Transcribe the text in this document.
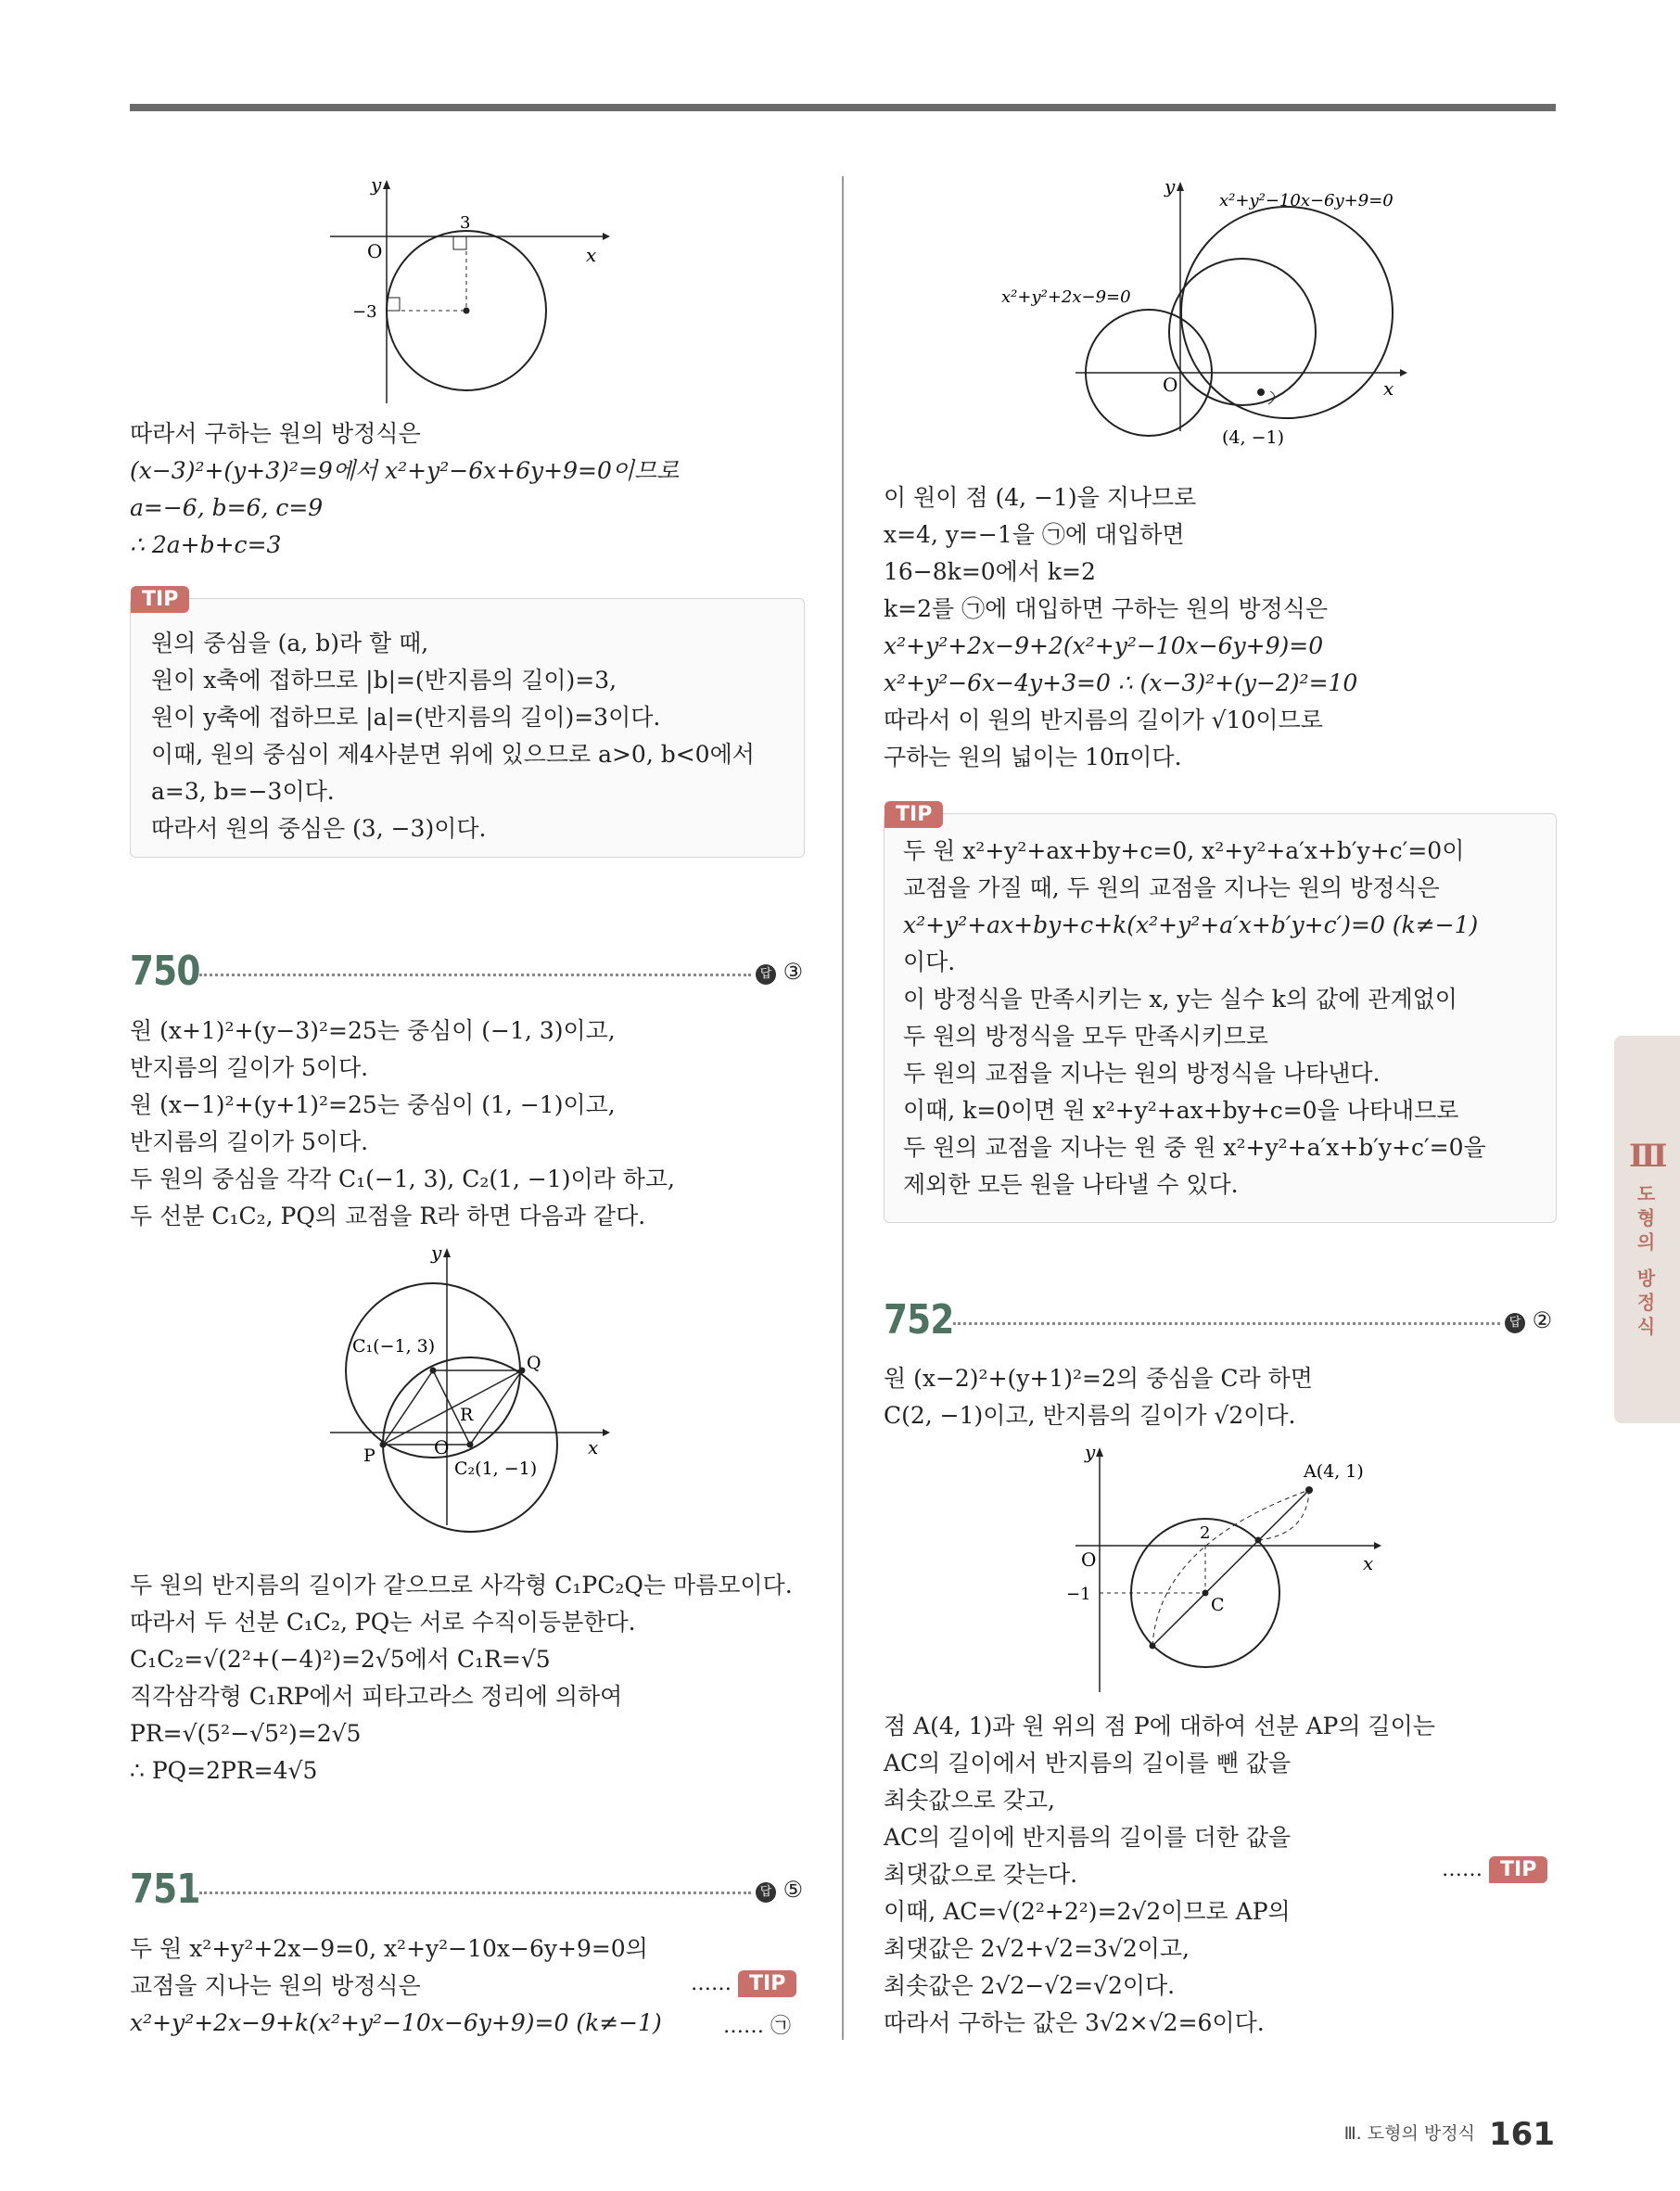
y
x
O
3
−3
따라서 구하는 원의 방정식은
(x−3)²+(y+3)²=9에서 x²+y²−6x+6y+9=0이므로
a=−6, b=6, c=9
∴ 2a+b+c=3
TIP
원의 중심을 (a, b)라 할 때,
원이 x축에 접하므로 |b|=(반지름의 길이)=3,
원이 y축에 접하므로 |a|=(반지름의 길이)=3이다.
이때, 원의 중심이 제4사분면 위에 있으므로 a>0, b<0에서
a=3, b=−3이다.
따라서 원의 중심은 (3, −3)이다.
750	답 ③
원 (x+1)²+(y−3)²=25는 중심이 (−1, 3)이고,
반지름의 길이가 5이다.
원 (x−1)²+(y+1)²=25는 중심이 (1, −1)이고,
반지름의 길이가 5이다.
두 원의 중심을 각각 C₁(−1, 3), C₂(1, −1)이라 하고,
두 선분 C₁C₂, PQ의 교점을 R라 하면 다음과 같다.
y
x
O
C₁(−1, 3)
C₂(1, −1)
P
Q
R
두 원의 반지름의 길이가 같으므로 사각형 C₁PC₂Q는 마름모이다.
따라서 두 선분 C₁C₂, PQ는 서로 수직이등분한다.
C₁C₂=√(2²+(−4)²)=2√5에서 C₁R=√5
직각삼각형 C₁RP에서 피타고라스 정리에 의하여
PR=√(5²−√5²)=2√5
∴ PQ=2PR=4√5
751	답 ⑤
두 원 x²+y²+2x−9=0, x²+y²−10x−6y+9=0의
교점을 지나는 원의 방정식은
x²+y²+2x−9+k(x²+y²−10x−6y+9)=0 (k≠−1)
…… TIP
…… ㉠
y
x
O
x²+y²−10x−6y+9=0
x²+y²+2x−9=0
(4, −1)
이 원이 점 (4, −1)을 지나므로
x=4, y=−1을 ㉠에 대입하면
16−8k=0에서 k=2
k=2를 ㉠에 대입하면 구하는 원의 방정식은
x²+y²+2x−9+2(x²+y²−10x−6y+9)=0
x²+y²−6x−4y+3=0 ∴ (x−3)²+(y−2)²=10
따라서 이 원의 반지름의 길이가 √10이므로
구하는 원의 넓이는 10π이다.
TIP
두 원 x²+y²+ax+by+c=0, x²+y²+a′x+b′y+c′=0이
교점을 가질 때, 두 원의 교점을 지나는 원의 방정식은
x²+y²+ax+by+c+k(x²+y²+a′x+b′y+c′)=0 (k≠−1)
이다.
이 방정식을 만족시키는 x, y는 실수 k의 값에 관계없이
두 원의 방정식을 모두 만족시키므로
두 원의 교점을 지나는 원의 방정식을 나타낸다.
이때, k=0이면 원 x²+y²+ax+by+c=0을 나타내므로
두 원의 교점을 지나는 원 중 원 x²+y²+a′x+b′y+c′=0을
제외한 모든 원을 나타낼 수 있다.
752	답 ②
원 (x−2)²+(y+1)²=2의 중심을 C라 하면
C(2, −1)이고, 반지름의 길이가 √2이다.
y
x
O
A(4, 1)
C
2
−1
점 A(4, 1)과 원 위의 점 P에 대하여 선분 AP의 길이는
AC의 길이에서 반지름의 길이를 뺀 값을
최솟값으로 갖고,
AC의 길이에 반지름의 길이를 더한 값을
최댓값으로 갖는다.
이때, AC=√(2²+2²)=2√2이므로 AP의
최댓값은 2√2+√2=3√2이고,
최솟값은 2√2−√2=√2이다.
따라서 구하는 값은 3√2×√2=6이다.
…… TIP
Ⅲ
도형의 방정식
Ⅲ. 도형의 방정식 161
